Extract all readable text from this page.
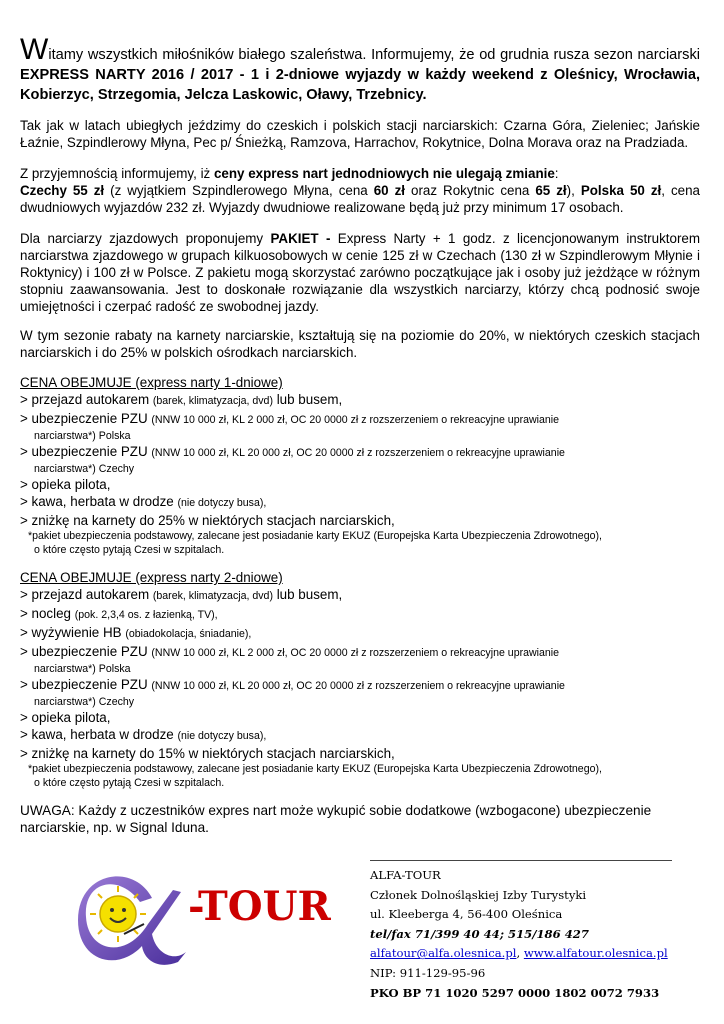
Witamy wszystkich miłośników białego szaleństwa. Informujemy, że od grudnia rusza sezon narciarski EXPRESS NARTY 2016 / 2017 - 1 i 2-dniowe wyjazdy w każdy weekend z Oleśnicy, Wrocławia, Kobierzyc, Strzegomia, Jelcza Laskowic, Oławy, Trzebnicy.

Tak jak w latach ubiegłych jeździmy do czeskich i polskich stacji narciarskich: Czarna Góra, Zieleniec; Jańskie Łaźnie, Szpindlerowy Młyna, Pec p/ Śnieżką, Ramzova, Harrachov, Rokytnice, Dolna Morava oraz na Pradziada.

Z przyjemnością informujemy, iż ceny express nart jednodniowych nie ulegają zmianie:
Czechy 55 zł (z wyjątkiem Szpindlerowego Młyna, cena 60 zł oraz Rokytnic cena 65 zł), Polska 50 zł, cena dwudniowych wyjazdów 232 zł. Wyjazdy dwudniowe realizowane będą już przy minimum 17 osobach.

Dla narciarzy zjazdowych proponujemy PAKIET - Express Narty + 1 godz. z licencjonowanym instruktorem narciarstwa zjazdowego w grupach kilkuosobowych w cenie 125 zł w Czechach (130 zł w Szpindlerowym Młynie i Roktynicy) i 100 zł w Polsce. Z pakietu mogą skorzystać zarówno początkujące jak i osoby już jeżdżące w różnym stopniu zaawansowania. Jest to doskonałe rozwiązanie dla wszystkich narciarzy, którzy chcą podnosić swoje umiejętności i czerpać radość ze swobodnej jazdy.

W tym sezonie rabaty na karnety narciarskie, kształtują się na poziomie do 20%, w niektórych czeskich stacjach narciarskich i do 25% w polskich ośrodkach narciarskich.

CENA OBEJMUJE (express narty 1-dniowe)
> przejazd autokarem (barek, klimatyzacja, dvd) lub busem,
> ubezpieczenie PZU (NNW 10 000 zł, KL 2 000 zł, OC 20 0000 zł z rozszerzeniem o rekreacyjne uprawianie
narciarstwa*) Polska
> ubezpieczenie PZU (NNW 10 000 zł, KL 20 000 zł, OC 20 0000 zł z rozszerzeniem o rekreacyjne uprawianie
narciarstwa*) Czechy
> opieka pilota,
> kawa, herbata w drodze (nie dotyczy busa),
> zniżkę na karnety do 25% w niektórych stacjach narciarskich,
*pakiet ubezpieczenia podstawowy, zalecane jest posiadanie karty EKUZ (Europejska Karta Ubezpieczenia Zdrowotnego),
o które często pytają Czesi w szpitalach.
CENA OBEJMUJE (express narty 2-dniowe)
> przejazd autokarem (barek, klimatyzacja, dvd) lub busem,
> nocleg (pok. 2,3,4 os. z łazienką, TV),
> wyżywienie HB (obiadokolacja, śniadanie),
> ubezpieczenie PZU (NNW 10 000 zł, KL 2 000 zł, OC 20 0000 zł z rozszerzeniem o rekreacyjne uprawianie
narciarstwa*) Polska
> ubezpieczenie PZU (NNW 10 000 zł, KL 20 000 zł, OC 20 0000 zł z rozszerzeniem o rekreacyjne uprawianie
narciarstwa*) Czechy
> opieka pilota,
> kawa, herbata w drodze (nie dotyczy busa),
> zniżkę na karnety do 15% w niektórych stacjach narciarskich,
*pakiet ubezpieczenia podstawowy, zalecane jest posiadanie karty EKUZ (Europejska Karta Ubezpieczenia Zdrowotnego),
o które często pytają Czesi w szpitalach.

UWAGA: Każdy z uczestników expres nart może wykupić sobie dodatkowe (wzbogacone) ubezpieczenie narciarskie, np. w Signal Iduna.

-TOUR
ALFA-TOUR
Członek Dolnośląskiej Izby Turystyki
ul. Kleeberga 4, 56-400 Oleśnica
tel/fax 71/399 40 44; 515/186 427
alfatour@alfa.olesnica.pl, www.alfatour.olesnica.pl
NIP: 911-129-95-96
PKO BP 71 1020 5297 0000 1802 0072 7933
